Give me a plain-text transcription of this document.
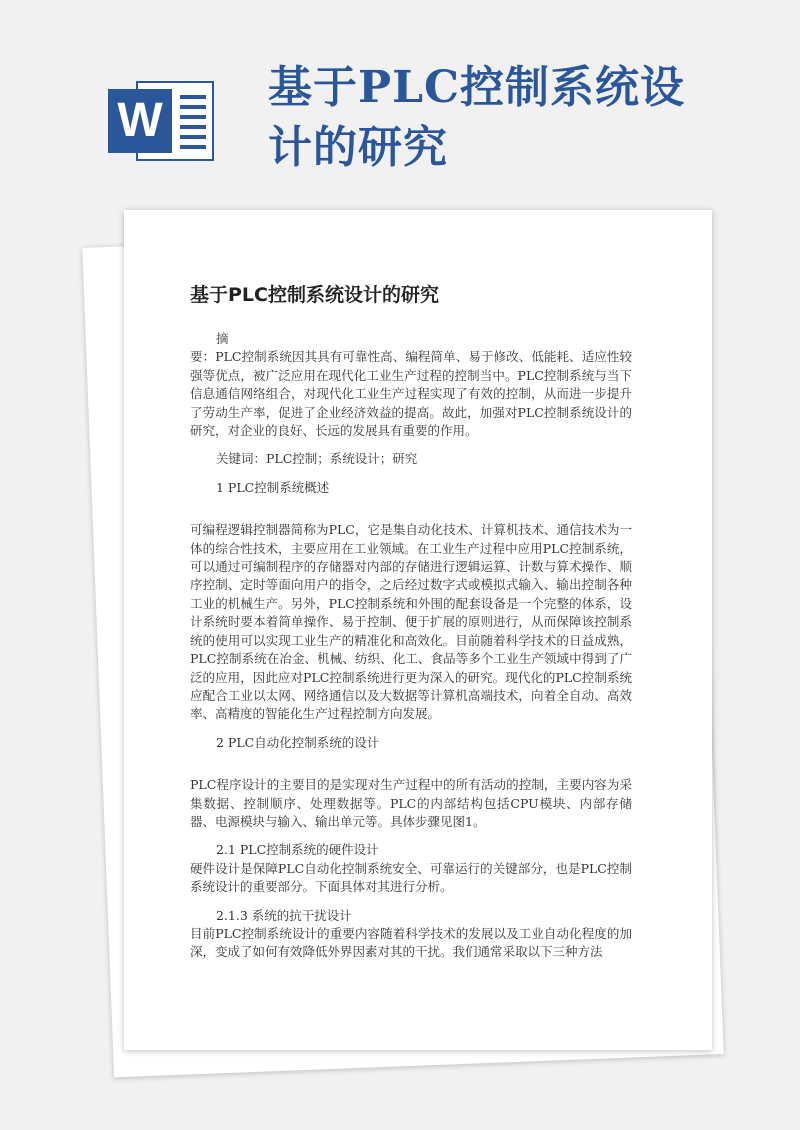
W
基于PLC控制系统设计的研究
基于PLC控制系统设计的研究

摘

要：PLC控制系统因其具有可靠性高、编程简单、易于修改、低能耗、适应性较强等优点，被广泛应用在现代化工业生产过程的控制当中。PLC控制系统与当下信息通信网络组合，对现代化工业生产过程实现了有效的控制，从而进一步提升了劳动生产率，促进了企业经济效益的提高。故此，加强对PLC控制系统设计的研究，对企业的良好、长远的发展具有重要的作用。

关键词：PLC控制；系统设计；研究

1 PLC控制系统概述

可编程逻辑控制器简称为PLC，它是集自动化技术、计算机技术、通信技术为一体的综合性技术，主要应用在工业领域。在工业生产过程中应用PLC控制系统，可以通过可编制程序的存储器对内部的存储进行逻辑运算、计数与算术操作、顺序控制、定时等面向用户的指令，之后经过数字式或模拟式输入、输出控制各种工业的机械生产。另外，PLC控制系统和外围的配套设备是一个完整的体系，设计系统时要本着简单操作、易于控制、便于扩展的原则进行，从而保障该控制系统的使用可以实现工业生产的精准化和高效化。目前随着科学技术的日益成熟，PLC控制系统在冶金、机械、纺织、化工、食品等多个工业生产领域中得到了广泛的应用，因此应对PLC控制系统进行更为深入的研究。现代化的PLC控制系统应配合工业以太网、网络通信以及大数据等计算机高端技术，向着全自动、高效率、高精度的智能化生产过程控制方向发展。

2 PLC自动化控制系统的设计

PLC程序设计的主要目的是实现对生产过程中的所有活动的控制，主要内容为采集数据、控制顺序、处理数据等。PLC的内部结构包括CPU模块、内部存储器、电源模块与输入、输出单元等。具体步骤见图1。

2.1 PLC控制系统的硬件设计

硬件设计是保障PLC自动化控制系统安全、可靠运行的关键部分，也是PLC控制系统设计的重要部分。下面具体对其进行分析。

2.1.3 系统的抗干扰设计

目前PLC控制系统设计的重要内容随着科学技术的发展以及工业自动化程度的加深，变成了如何有效降低外界因素对其的干扰。我们通常采取以下三种方法
